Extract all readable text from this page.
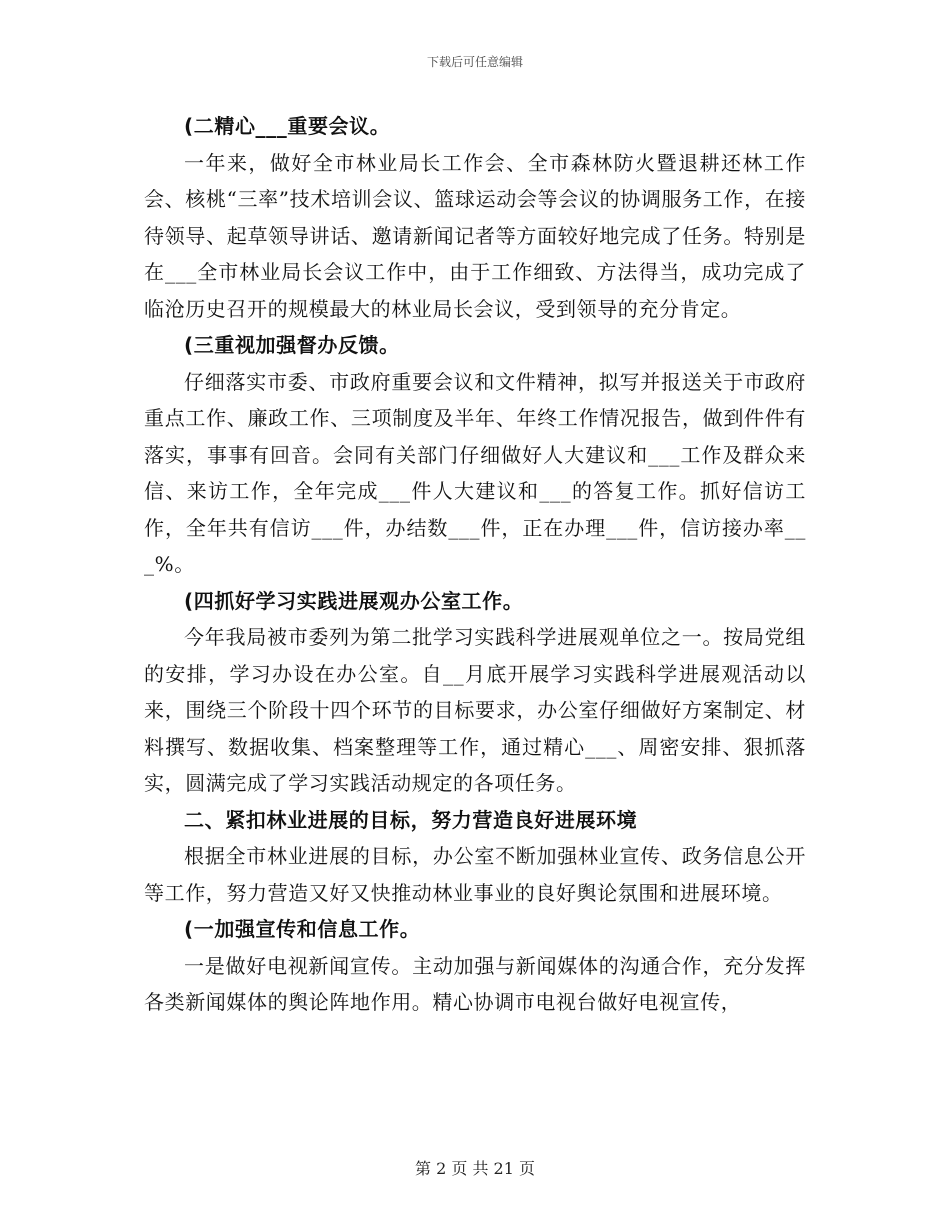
下载后可任意编辑

(二精心___重要会议。

一年来，做好全市林业局长工作会、全市森林防火暨退耕还林工作会、核桃“三率”技术培训会议、篮球运动会等会议的协调服务工作，在接待领导、起草领导讲话、邀请新闻记者等方面较好地完成了任务。特别是在___全市林业局长会议工作中，由于工作细致、方法得当，成功完成了临沧历史召开的规模最大的林业局长会议，受到领导的充分肯定。

(三重视加强督办反馈。

仔细落实市委、市政府重要会议和文件精神，拟写并报送关于市政府重点工作、廉政工作、三项制度及半年、年终工作情况报告，做到件件有落实，事事有回音。会同有关部门仔细做好人大建议和___工作及群众来信、来访工作，全年完成___件人大建议和___的答复工作。抓好信访工作，全年共有信访___件，办结数___件，正在办理___件，信访接办率___%。

(四抓好学习实践进展观办公室工作。

今年我局被市委列为第二批学习实践科学进展观单位之一。按局党组的安排，学习办设在办公室。自__月底开展学习实践科学进展观活动以来，围绕三个阶段十四个环节的目标要求，办公室仔细做好方案制定、材料撰写、数据收集、档案整理等工作，通过精心___、周密安排、狠抓落实，圆满完成了学习实践活动规定的各项任务。

二、紧扣林业进展的目标，努力营造良好进展环境

根据全市林业进展的目标，办公室不断加强林业宣传、政务信息公开等工作，努力营造又好又快推动林业事业的良好舆论氛围和进展环境。

(一加强宣传和信息工作。

一是做好电视新闻宣传。主动加强与新闻媒体的沟通合作，充分发挥各类新闻媒体的舆论阵地作用。精心协调市电视台做好电视宣传，

第 2 页 共 21 页
